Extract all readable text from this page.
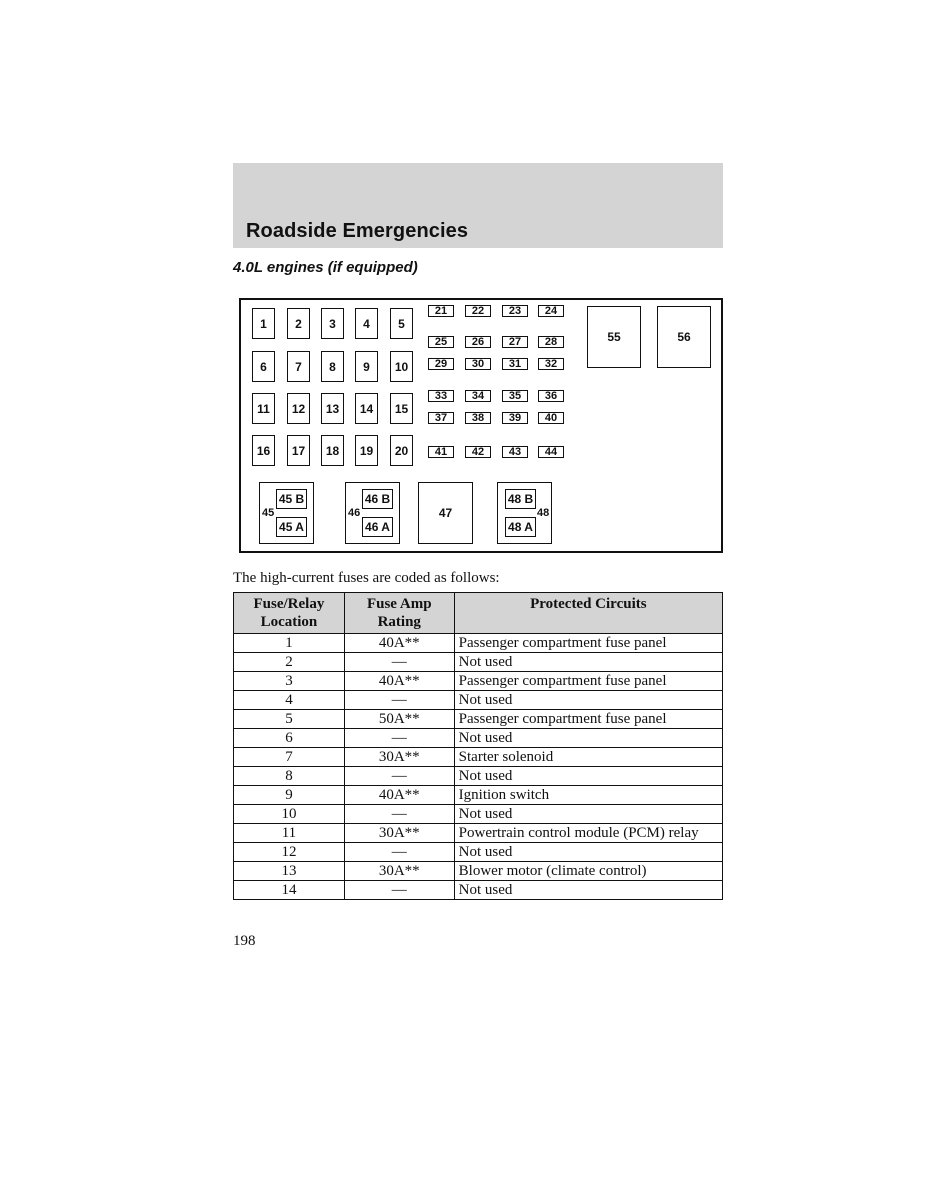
Roadside Emergencies
4.0L engines (if equipped)
1	2	3	4	5
6	7	8	9	10
11	12	13	14	15
16	17	18	19	20
21	22	23	24
25	26	27	28
29	30	31	32
33	34	35	36
37	38	39	40
41	42	43	44
55	56
45 B
45 A
45
46 B
46 A
46	47
48 B
48 A
48
The high-current fuses are coded as follows:
Fuse/Relay Location	Fuse Amp Rating	Protected Circuits
1	40A**	Passenger compartment fuse panel
2	—	Not used
3	40A**	Passenger compartment fuse panel
4	—	Not used
5	50A**	Passenger compartment fuse panel
6	—	Not used
7	30A**	Starter solenoid
8	—	Not used
9	40A**	Ignition switch
10	—	Not used
11	30A**	Powertrain control module (PCM) relay
12	—	Not used
13	30A**	Blower motor (climate control)
14	—	Not used
198
